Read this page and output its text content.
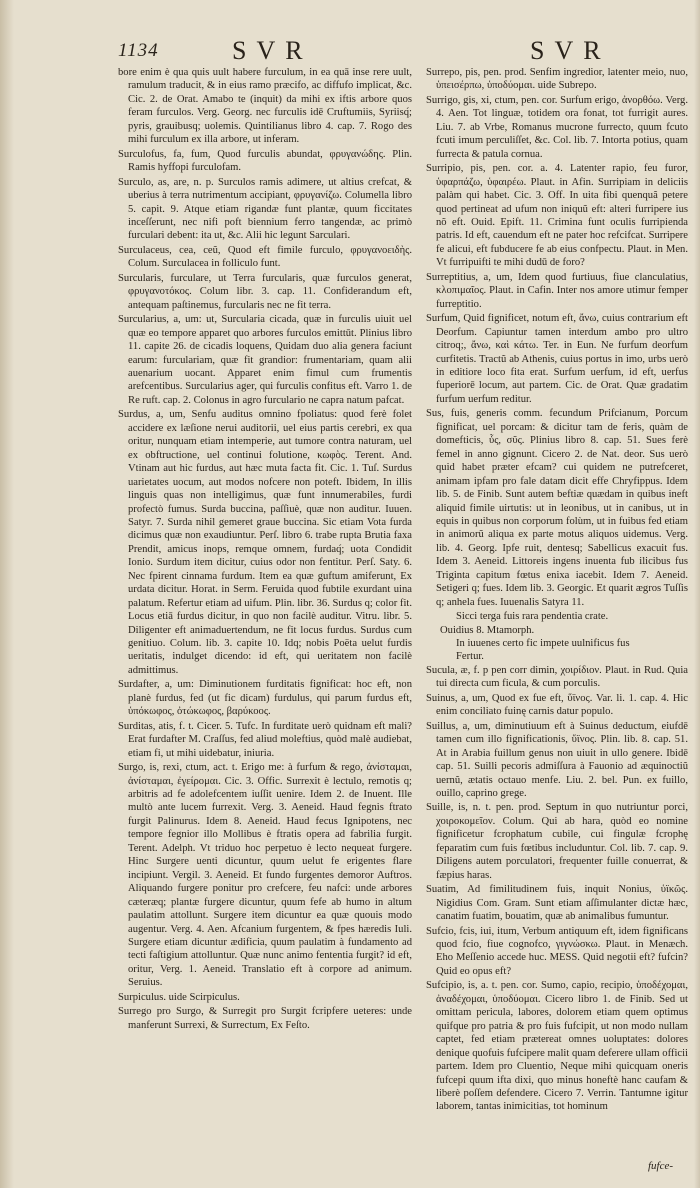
1134	SVR	SVR

bore enim è qua quis uult habere furculum, in ea quā inse rere uult, ramulum traducit, & in eius ramo præcifo, ac diffufo implicat, &c. Cic. 2. de Orat. Amabo te (inquit) da mihi ex iftis arbore quos feram furculos. Verg. Georg. nec furculis idē Cruftumiis, Syriisq́; pyris, grauibusq; uolemis. Quintilianus libro 4. cap. 7. Rogo des mihi furculum ex illa arbore, ut inferam.

Surculofus, fa, fum, Quod furculis abundat, φρυγανώδης. Plin. Ramis hyffopi furculofam.

Surculo, as, are, n. p. Surculos ramis adimere, ut altius crefcat, & uberius à terra nutrimentum accipiant, φρυγανίζω. Columella libro 5. capit. 9. Atque etiam rigandæ funt plantæ, quum ficcitates inceſſerunt, nec nifi poft biennium ferro tangendæ, ac primò furculari debent: ita ut, &c. Alii hic legunt Sarculari.

Surculaceus, cea, ceũ, Quod eft fimile furculo, φρυγανοειδὴς. Colum. Surculacea in folliculo funt.

Surcularis, furculare, ut Terra furcularis, quæ furculos generat, φρυγανοτόκος. Colum libr. 3. cap. 11. Confiderandum eft, antequam paſtinemus, furcularis nec ne fit terra.

Surcularius, a, um: ut, Surcularia cicada, quæ in furculis uiuit uel quæ eo tempore apparet quo arbores furculos emittūt. Plinius libro 11. capite 26. de cicadis loquens, Quidam duo alia genera faciunt earum: furculariam, quæ fit grandior: frumentariam, quam alii auenarium uocant. Apparet enim fimul cum frumentis arefcentibus. Surcularius ager, qui furculis confitus eft. Varro 1. de Re ruft. cap. 2. Colonus in agro furculario ne capra natum pafcat.

Surdus, a, um, Senfu auditus omnino fpoliatus: quod ferè folet accidere ex læſione nerui auditorii, uel eius partis cerebri, ex qua oritur, nunquam etiam intemperie, aut tumore contra naturam, uel ex obftructione, uel continui folutione, κωφὸς. Terent. And. Vtinam aut hic furdus, aut hæc muta facta fit. Cic. 1. Tuſ. Surdus uarietates uocum, aut modos nofcere non poteft. Ibidem, In illis linguis quas non intelligimus, quæ funt innumerabiles, furdi profectò fumus. Surda buccina, paſſiuè, quæ non auditur. Iuuen. Satyr. 7. Surda nihil gemeret graue buccina. Sic etiam Vota furda dicimus quæ non exaudiuntur. Perſ. libro 6. trabe rupta Brutia faxa Prendit, amicus inops, remque omnem, furdaq́; uota Condidit Ionio. Surdum item dicitur, cuius odor non fentitur. Perſ. Saty. 6. Nec fpirent cinnama furdum. Item ea quæ guftum amiferunt, Ex urdata dicitur. Horat. in Serm. Feruida quod fubtile exurdant uina palatum. Refertur etiam ad uifum. Plin. libr. 36. Surdus q; color fit. Locus etiā furdus dicitur, in quo non facilè auditur. Vitru. libr. 5. Diligenter eft animaduertendum, ne fit locus furdus. Surdus cum genitiuo. Colum. lib. 3. capite 10. Idq; nobis Poëta uelut furdis ueritatis, indulget dicendo: id eft, qui ueritatem non facilè admittimus.

Surdafter, a, um: Diminutionem furditatis fignificat: hoc eft, non planè furdus, fed (ut fic dicam) furdulus, qui parum furdus eft, ὑπόκωφος, ὀτώκωφος, βαρύκοος.

Surditas, atis, f. t. Cicer. 5. Tufc. In furditate uerò quidnam eft mali? Erat furdafter M. Craſſus, fed aliud moleftius, quòd malè audiebat, etiam fi, ut mihi uidebatur, iniuria.

Surgo, is, rexi, ctum, act. t. Erigo me: à furfum & rego, ἀνίσταμαι, ἀνίσταμαι, ἐγείρομαι. Cic. 3. Offic. Surrexit è lectulo, remotis q; arbitris ad fe adolefcentem iuſſit uenire. Idem 2. de Inuent. Ille multò ante lucem furrexit. Verg. 3. Aeneid. Haud fegnis ftrato furgit Palinurus. Idem 8. Aeneid. Haud fecus Ignipotens, nec tempore fegnior illo Mollibus è ftratis opera ad fabrilia furgit. Terent. Adelph. Vt triduo hoc perpetuo è lecto nequeat furgere. Hinc Surgere uenti dicuntur, quum uelut fe erigentes flare incipiunt. Vergil. 3. Aeneid. Et fundo furgentes demoror Auftros. Aliquando furgere ponitur pro crefcere, feu nafci: unde arbores cæteræq; plantæ furgere dicuntur, quum fefe ab humo in altum paulatim attollunt. Surgere item dicuntur ea quæ quouis modo augentur. Verg. 4. Aen. Afcanium furgentem, & fpes hæredis Iuli. Surgere etiam dicuntur ædificia, quum paulatim à fundamento ad tecti faſtigium attolluntur. Quæ nunc animo fententia furgit? id eft, oritur, Verg. 1. Aeneid. Translatio eft à corpore ad animum. Seruius.

Surpiculus. uide Scirpiculus.

Surrego pro Surgo, & Surregit pro Surgit fcripfere ueteres: unde manferunt Surrexi, & Surrectum, Ex Feſto.

Surrepo, pis, pen. prod. Senfim ingredior, latenter meio, nuo, ὑπεισέρπω, ὑποδύομαι. uide Subrepo.

Surrigo, gis, xi, ctum, pen. cor. Surfum erigo, ἀνορθόω. Verg. 4. Aen. Tot linguæ, totidem ora fonat, tot furrigit aures. Liu. 7. ab Vrbe, Romanus mucrone furrecto, quum fcuto fcuti imum perculiſſet, &c. Col. lib. 7. Intorta potius, quam furrecta & patula cornua.

Surripio, pis, pen. cor. a. 4. Latenter rapio, feu furor, ὑφαρπάζω, ὑφαιρέω. Plaut. in Afin. Surripiam in deliciis palàm qui habet. Cic. 3. Off. In uita fibi quenquã petere quod pertineat ad ufum non iniquũ eft: alteri furripere ius nõ eft. Ouid. Epift. 11. Crimina funt oculis furripienda patris. Id eft, cauendum eft ne pater hoc refcifcat. Surripere fe alicui, eft fubducere fe ab eius confpectu. Plaut. in Men. Vt furripuifti te mihi dudū de foro?

Surreptitius, a, um, Idem quod furtiuus, fiue clanculatius, κλοπιμαῖος. Plaut. in Cafin. Inter nos amore utimur femper furreptitio.

Surfum, Quid fignificet, notum eft, ἄνω, cuius contrarium eft Deorfum. Capiuntur tamen interdum ambo pro ultro citroq;, ἄνω, καὶ κάτω. Ter. in Eun. Ne furfum deorfum curfitetis. Tractũ ab Athenis, cuius portus in imo, urbs uerò in editiore loco fita erat. Surfum uerfum, id eft, uerfus fuperiorē locum, aut partem. Cic. de Orat. Quæ gradatim furfum uerfum reditur.

Sus, fuis, generis comm. fecundum Prifcianum, Porcum fignificat, uel porcam: & dicitur tam de feris, quàm de domefticis, ὗς, σῦς. Plinius libro 8. cap. 51. Sues ferè femel in anno gignunt. Cicero 2. de Nat. deor. Sus uerò quid habet præter efcam? cui quidem ne putrefceret, animam ipfam pro fale datam dicit effe Chryfippus. Idem lib. 5. de Finib. Sunt autem beftiæ quædam in quibus ineft aliquid fimile uirtutis: ut in leonibus, ut in canibus, ut in equis in quibus non corporum folùm, ut in fuibus fed etiam in animorũ aliqua ex parte motus aliquos uidemus. Verg. lib. 4. Georg. Ipfe ruit, dentesq; Sabellicus exacuit fus. Idem 3. Aeneid. Littoreis ingens inuenta fub ilicibus fus Triginta capitum fœtus enixa iacebit. Idem 7. Aeneid. Setigeri q; fues. Idem lib. 3. Georgic. Et quarit ægros Tuſſis q; anhela fues. Iuuenalis Satyra 11.

Sicci terga fuis rara pendentia crate.

Ouidius 8. Mtamorph.

In iuuenes certo fic impete uulnificus fus

Fertur.

Sucula, æ, f. p pen corr dimin, χοιρίδιον. Plaut. in Rud. Quia tui directa cum ficula, & cum porculis.

Suinus, a, um, Quod ex fue eft, ὕϊνος. Var. li. 1. cap. 4. Hic enim conciliato fuinę carnis datur populo.

Suillus, a, um, diminutiuum eft à Suinus deductum, eiufdē tamen cum illo fignificationis, ὕϊνος. Plin. lib. 8. cap. 51. At in Arabia fuillum genus non uiuit in ullo genere. Ibidē cap. 51. Suilli pecoris admiſſura à Fauonio ad æquinoctiũ uernũ, ætatis octauo menfe. Liu. 2. bel. Pun. ex fuillo, ouillo, caprino grege.

Suille, is, n. t. pen. prod. Septum in quo nutriuntur porci, χοιροκομεῖον. Colum. Qui ab hara, quòd eo nomine fignificetur fcrophatum cubile, cui fingulæ fcrophę feparatim cum fuis fœtibus includuntur. Col. lib. 7. cap. 9. Diligens autem porculatori, frequenter fuille conuerrat, & fæpius haras.

Suatim, Ad fimilitudinem fuis, inquit Nonius, ὑϊκῶς. Nigidius Com. Gram. Sunt etiam aſſimulanter dictæ hæc, canatim fuatim, bouatim, quæ ab animalibus fumuntur.

Sufcio, fcis, iui, itum, Verbum antiquum eft, idem fignificans quod fcio, fiue cognofco, γιγνώσκω. Plaut. in Menæch. Eho Meſſenio accede huc. MESS. Quid negotii eft? fufcin? Quid eo opus eft?

Sufcipio, is, a. t. pen. cor. Sumo, capio, recipio, ὑποδέχομαι, ἀναδέχομαι, ὑποδύομαι. Cicero libro 1. de Finib. Sed ut omittam pericula, labores, dolorem etiam quem optimus quifque pro patria & pro fuis fufcipit, ut non modo nullam captet, fed etiam prætereat omnes uoluptates: dolores denique quofuis fufcipere malit quam deferere ullam officii partem. Idem pro Cluentio, Neque mihi quicquam oneris fufcepi quum ifta dixi, quo minus honeftè hanc caufam & liberè poſſem defendere. Cicero 7. Verrin. Tantumne igitur laborem, tantas inimicitias, tot hominum

fufce-
